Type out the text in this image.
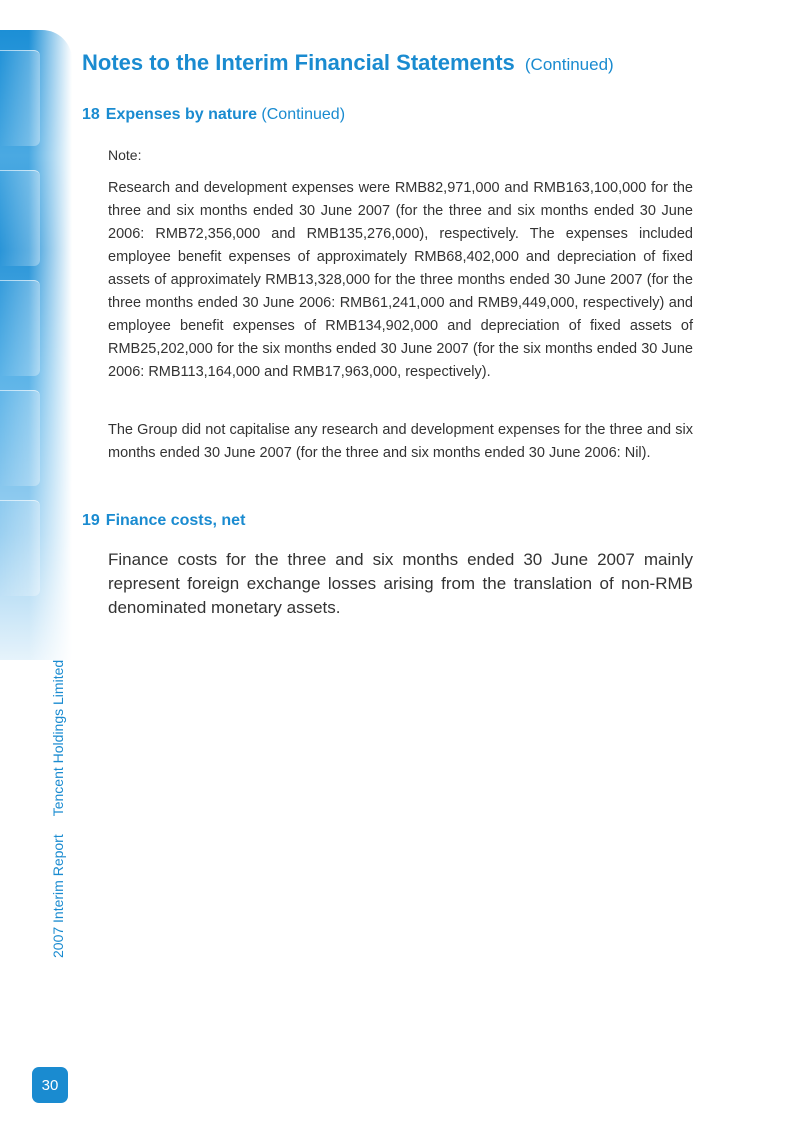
Notes to the Interim Financial Statements (Continued)
18 Expenses by nature (Continued)
Note:
Research and development expenses were RMB82,971,000 and RMB163,100,000 for the three and six months ended 30 June 2007 (for the three and six months ended 30 June 2006: RMB72,356,000 and RMB135,276,000), respectively. The expenses included employee benefit expenses of approximately RMB68,402,000 and depreciation of fixed assets of approximately RMB13,328,000 for the three months ended 30 June 2007 (for the three months ended 30 June 2006: RMB61,241,000 and RMB9,449,000, respectively) and employee benefit expenses of RMB134,902,000 and depreciation of fixed assets of RMB25,202,000 for the six months ended 30 June 2007 (for the six months ended 30 June 2006: RMB113,164,000 and RMB17,963,000, respectively).
The Group did not capitalise any research and development expenses for the three and six months ended 30 June 2007 (for the three and six months ended 30 June 2006: Nil).
19 Finance costs, net
Finance costs for the three and six months ended 30 June 2007 mainly represent foreign exchange losses arising from the translation of non-RMB denominated monetary assets.
2007 Interim ReportTencent Holdings Limited
30
